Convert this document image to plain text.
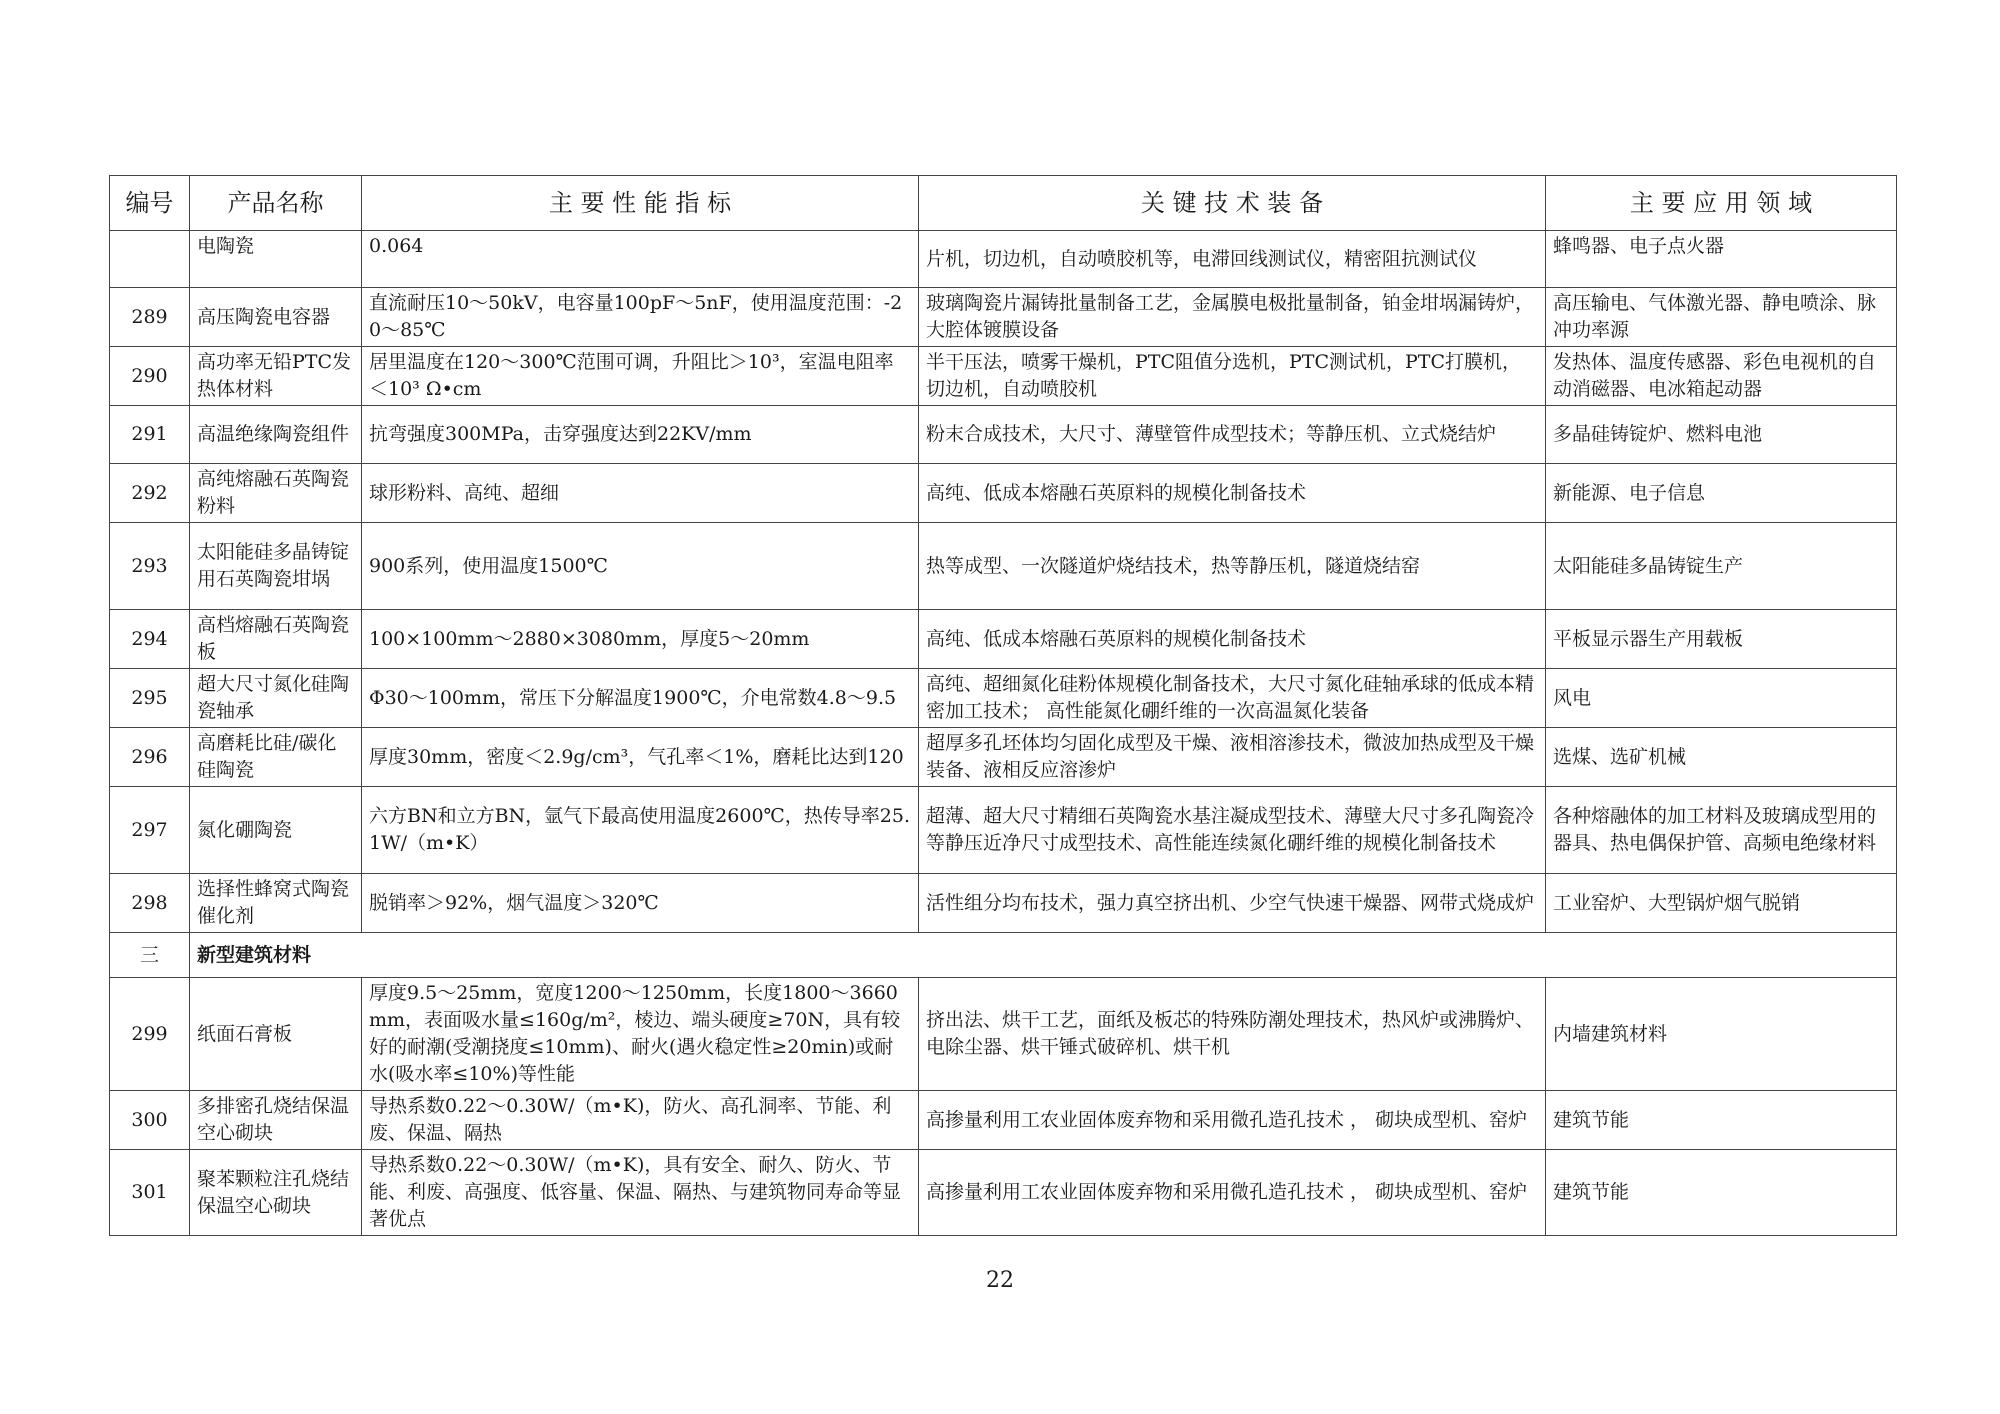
编号	产品名称	主 要 性 能 指 标	关 键 技 术 装 备	主 要 应 用 领 域
	电陶瓷	0.064	片机，切边机，自动喷胶机等，电滞回线测试仪，精密阻抗测试仪	蜂鸣器、电子点火器
289	高压陶瓷电容器	直流耐压10～50kV，电容量100pF～5nF，使用温度范围：-20～85℃	玻璃陶瓷片漏铸批量制备工艺，金属膜电极批量制备，铂金坩埚漏铸炉，大腔体镀膜设备	高压输电、气体激光器、静电喷涂、脉冲功率源
290	高功率无铅PTC发热体材料	居里温度在120～300℃范围可调，升阻比＞10³，室温电阻率＜10³ Ω•cm	半干压法，喷雾干燥机，PTC阻值分选机，PTC测试机，PTC打膜机，切边机，自动喷胶机	发热体、温度传感器、彩色电视机的自动消磁器、电冰箱起动器
291	高温绝缘陶瓷组件	抗弯强度300MPa，击穿强度达到22KV/mm	粉末合成技术，大尺寸、薄壁管件成型技术；等静压机、立式烧结炉	多晶硅铸锭炉、燃料电池
292	高纯熔融石英陶瓷粉料	球形粉料、高纯、超细	高纯、低成本熔融石英原料的规模化制备技术	新能源、电子信息
293	太阳能硅多晶铸锭用石英陶瓷坩埚	900系列，使用温度1500℃	热等成型、一次隧道炉烧结技术，热等静压机，隧道烧结窑	太阳能硅多晶铸锭生产
294	高档熔融石英陶瓷板	100×100mm～2880×3080mm，厚度5～20mm	高纯、低成本熔融石英原料的规模化制备技术	平板显示器生产用载板
295	超大尺寸氮化硅陶瓷轴承	Φ30～100mm，常压下分解温度1900℃，介电常数4.8～9.5	高纯、超细氮化硅粉体规模化制备技术，大尺寸氮化硅轴承球的低成本精密加工技术； 高性能氮化硼纤维的一次高温氮化装备	风电
296	高磨耗比硅/碳化硅陶瓷	厚度30mm，密度＜2.9g/cm³，气孔率＜1%，磨耗比达到120	超厚多孔坯体均匀固化成型及干燥、液相溶渗技术，微波加热成型及干燥装备、液相反应溶渗炉	选煤、选矿机械
297	氮化硼陶瓷	六方BN和立方BN，氩气下最高使用温度2600℃，热传导率25.1W/（m•K）	超薄、超大尺寸精细石英陶瓷水基注凝成型技术、薄壁大尺寸多孔陶瓷冷等静压近净尺寸成型技术、高性能连续氮化硼纤维的规模化制备技术	各种熔融体的加工材料及玻璃成型用的器具、热电偶保护管、高频电绝缘材料
298	选择性蜂窝式陶瓷催化剂	脱销率＞92%，烟气温度＞320℃	活性组分均布技术，强力真空挤出机、少空气快速干燥器、网带式烧成炉	工业窑炉、大型锅炉烟气脱销
三	新型建筑材料			
299	纸面石膏板	厚度9.5～25mm，宽度1200～1250mm，长度1800～3660mm，表面吸水量≤160g/m²，棱边、端头硬度≥70N，具有较好的耐潮(受潮挠度≤10mm)、耐火(遇火稳定性≥20min)或耐水(吸水率≤10%)等性能	挤出法、烘干工艺，面纸及板芯的特殊防潮处理技术，热风炉或沸腾炉、电除尘器、烘干锤式破碎机、烘干机	内墙建筑材料
300	多排密孔烧结保温空心砌块	导热系数0.22～0.30W/（m•K)，防火、高孔洞率、节能、利废、保温、隔热	高掺量利用工农业固体废弃物和采用微孔造孔技术 ， 砌块成型机、窑炉	建筑节能
301	聚苯颗粒注孔烧结保温空心砌块	导热系数0.22～0.30W/（m•K)，具有安全、耐久、防火、节能、利废、高强度、低容量、保温、隔热、与建筑物同寿命等显著优点	高掺量利用工农业固体废弃物和采用微孔造孔技术 ， 砌块成型机、窑炉	建筑节能
22
